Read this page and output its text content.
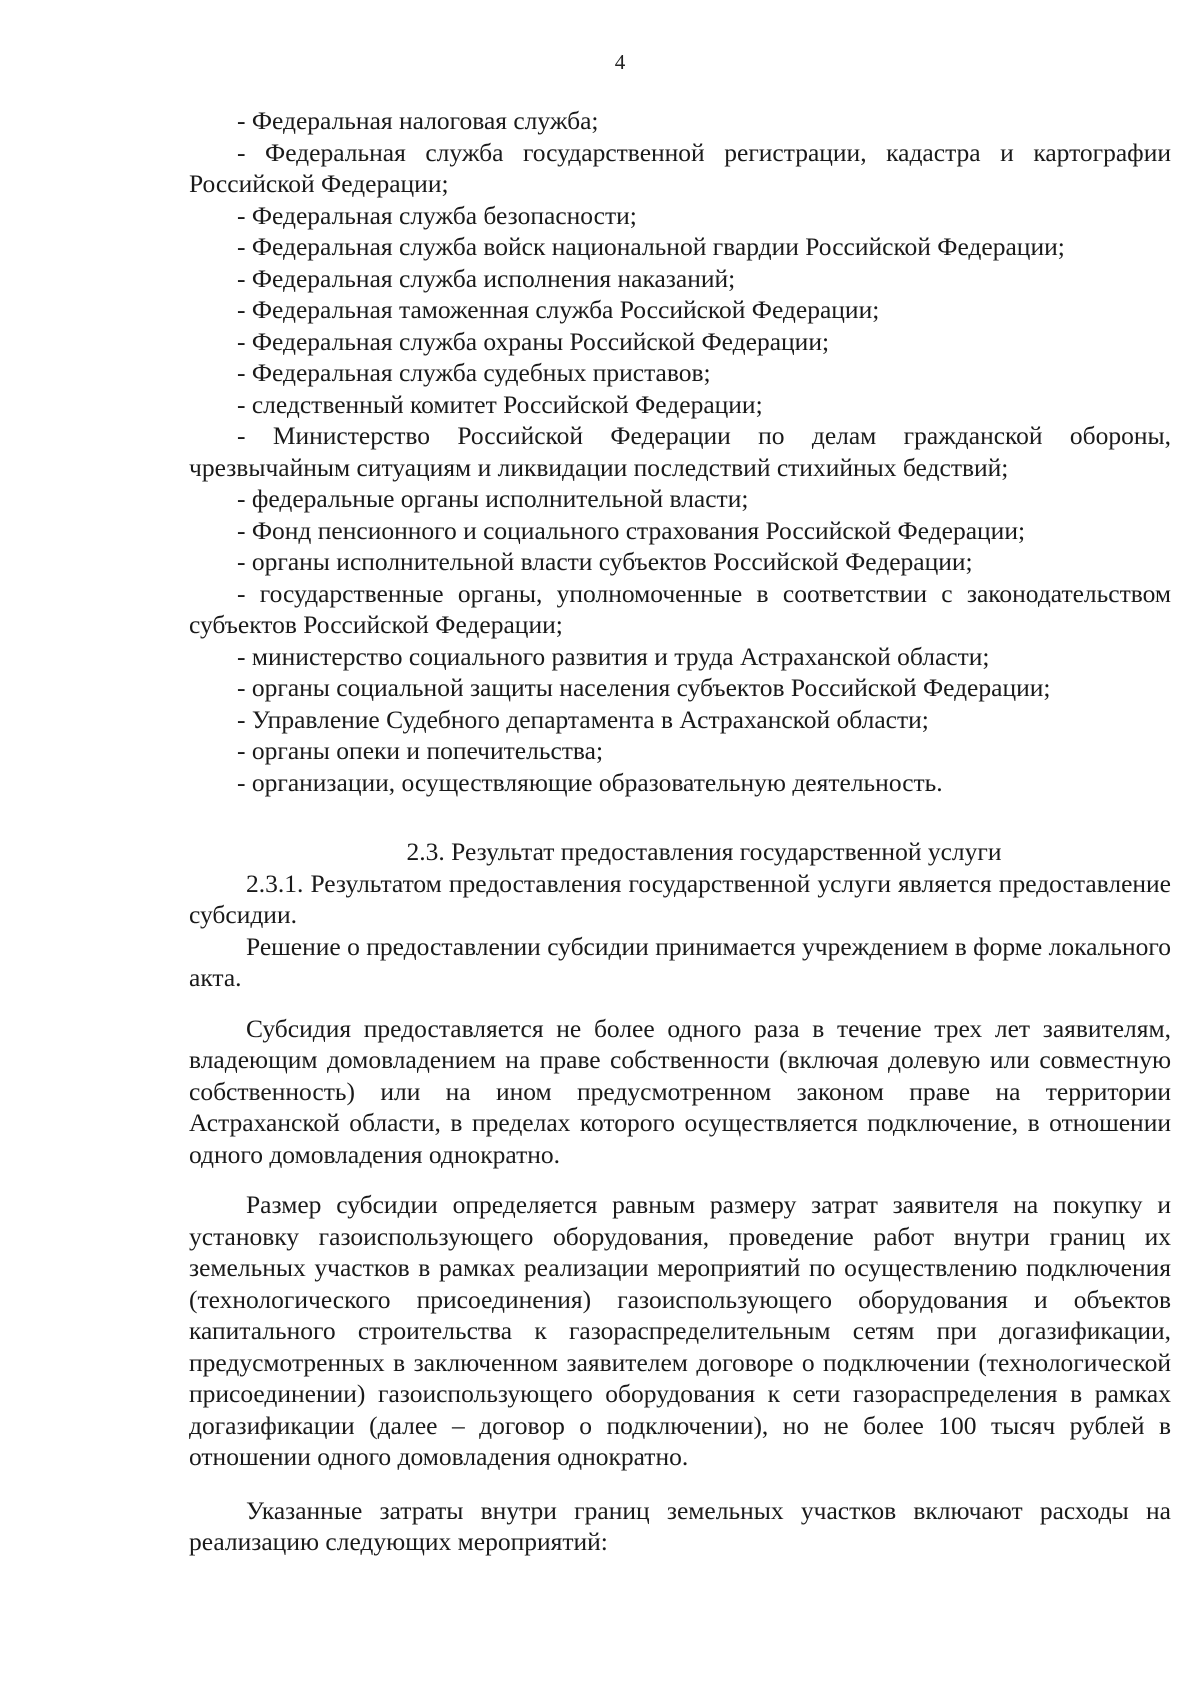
4

- Федеральная налоговая служба;

- Федеральная служба государственной регистрации, кадастра и картографии Российской Федерации;

- Федеральная служба безопасности;

- Федеральная служба войск национальной гвардии Российской Федерации;

- Федеральная служба исполнения наказаний;

- Федеральная таможенная служба Российской Федерации;

- Федеральная служба охраны Российской Федерации;

- Федеральная служба судебных приставов;

- следственный комитет Российской Федерации;

- Министерство Российской Федерации по делам гражданской обороны, чрезвычайным ситуациям и ликвидации последствий стихийных бедствий;

- федеральные органы исполнительной власти;

- Фонд пенсионного и социального страхования Российской Федерации;

- органы исполнительной власти субъектов Российской Федерации;

- государственные органы, уполномоченные в соответствии с законодательством субъектов Российской Федерации;

- министерство социального развития и труда Астраханской области;

- органы социальной защиты населения субъектов Российской Федерации;

- Управление Судебного департамента в Астраханской области;

- органы опеки и попечительства;

- организации, осуществляющие образовательную деятельность.

2.3. Результат предоставления государственной услуги

2.3.1. Результатом предоставления государственной услуги является предоставление субсидии.

Решение о предоставлении субсидии принимается учреждением в форме локального акта.

Субсидия предоставляется не более одного раза в течение трех лет заявителям, владеющим домовладением на праве собственности (включая долевую или совместную собственность) или на ином предусмотренном законом праве на территории Астраханской области, в пределах которого осуществляется подключение, в отношении одного домовладения однократно.

Размер субсидии определяется равным размеру затрат заявителя на покупку и установку газоиспользующего оборудования, проведение работ внутри границ их земельных участков в рамках реализации мероприятий по осуществлению подключения (технологического присоединения) газоиспользующего оборудования и объектов капитального строительства к газораспределительным сетям при догазификации, предусмотренных в заключенном заявителем договоре о подключении (технологической присоединении) газоиспользующего оборудования к сети газораспределения в рамках догазификации (далее – договор о подключении), но не более 100 тысяч рублей в отношении одного домовладения однократно.

Указанные затраты внутри границ земельных участков включают расходы на реализацию следующих мероприятий:
